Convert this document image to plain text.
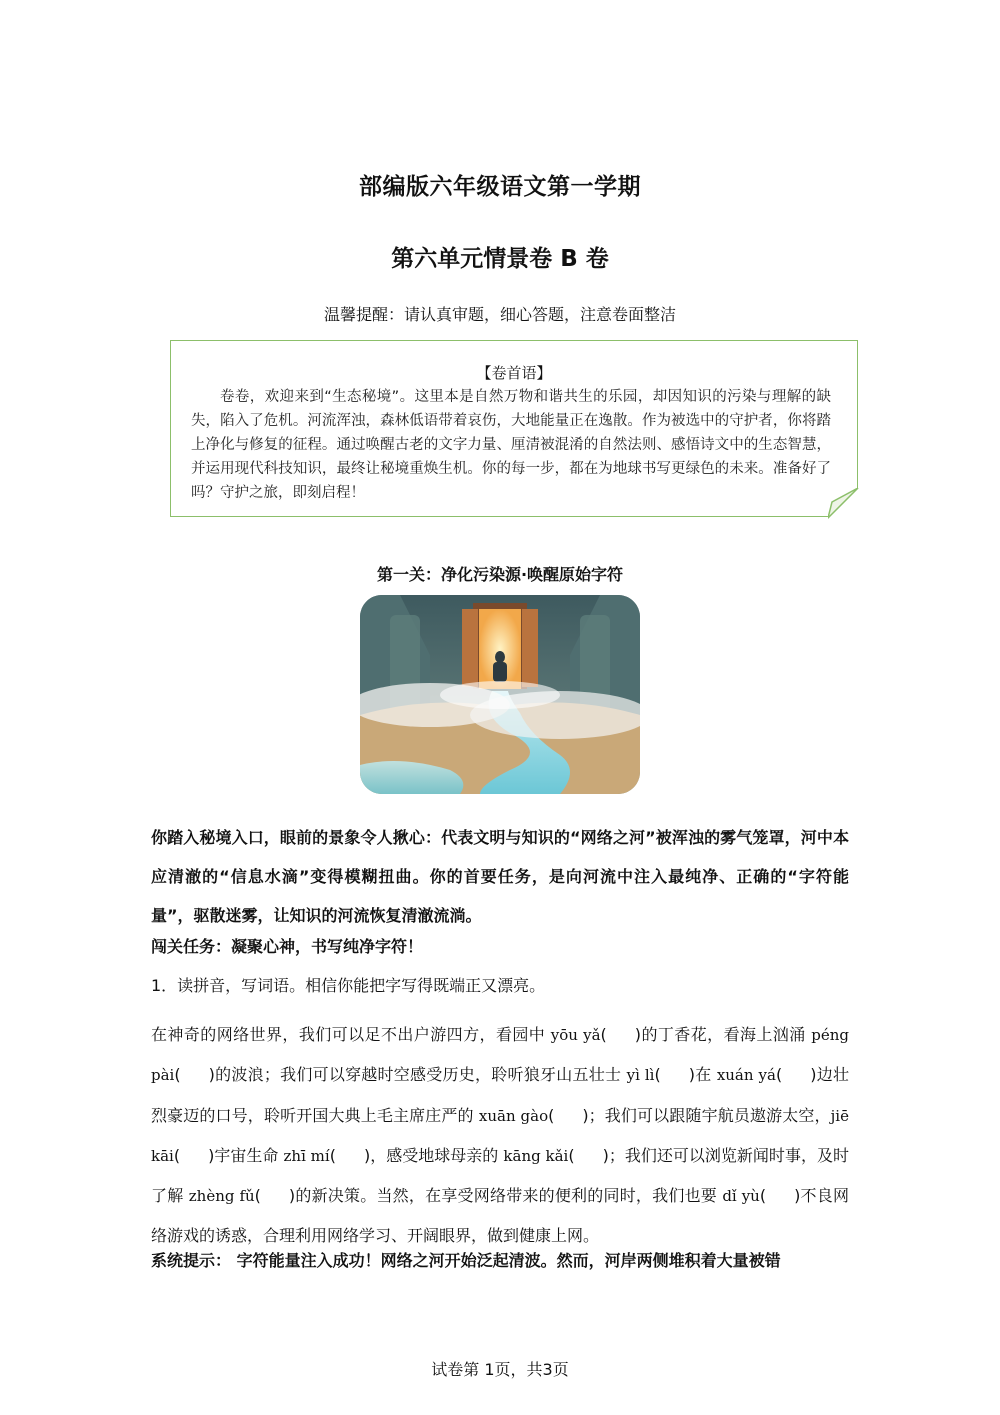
部编版六年级语文第一学期
第六单元情景卷 B 卷
温馨提醒：请认真审题，细心答题，注意卷面整洁
【卷首语】
卷卷，欢迎来到“生态秘境”。这里本是自然万物和谐共生的乐园，却因知识的污染与理解的缺失，陷入了危机。河流浑浊，森林低语带着哀伤，大地能量正在逸散。作为被选中的守护者，你将踏上净化与修复的征程。通过唤醒古老的文字力量、厘清被混淆的自然法则、感悟诗文中的生态智慧，并运用现代科技知识，最终让秘境重焕生机。你的每一步，都在为地球书写更绿色的未来。准备好了吗？守护之旅，即刻启程！
第一关：净化污染源·唤醒原始字符
你踏入秘境入口，眼前的景象令人揪心：代表文明与知识的“网络之河”被浑浊的雾气笼罩，河中本应清澈的“信息水滴”变得模糊扭曲。你的首要任务，是向河流中注入最纯净、正确的“字符能量”，驱散迷雾，让知识的河流恢复清澈流淌。
闯关任务：凝聚心神，书写纯净字符！
1．读拼音，写词语。相信你能把字写得既端正又漂亮。
在神奇的网络世界，我们可以足不出户游四方，看园中 yōu yǎ( )的丁香花，看海上汹涌 péng pài( )的波浪；我们可以穿越时空感受历史，聆听狼牙山五壮士 yì lì( )在 xuán yá( )边壮烈豪迈的口号，聆听开国大典上毛主席庄严的 xuān gào( )；我们可以跟随宇航员遨游太空，jiē kāi( )宇宙生命 zhī mí( )，感受地球母亲的 kāng kǎi( )；我们还可以浏览新闻时事，及时了解 zhèng fǔ( )的新决策。当然，在享受网络带来的便利的同时，我们也要 dǐ yù( )不良网络游戏的诱惑，合理利用网络学习、开阔眼界，做到健康上网。
系统提示： 字符能量注入成功！网络之河开始泛起清波。然而，河岸两侧堆积着大量被错
试卷第 1页，共3页
